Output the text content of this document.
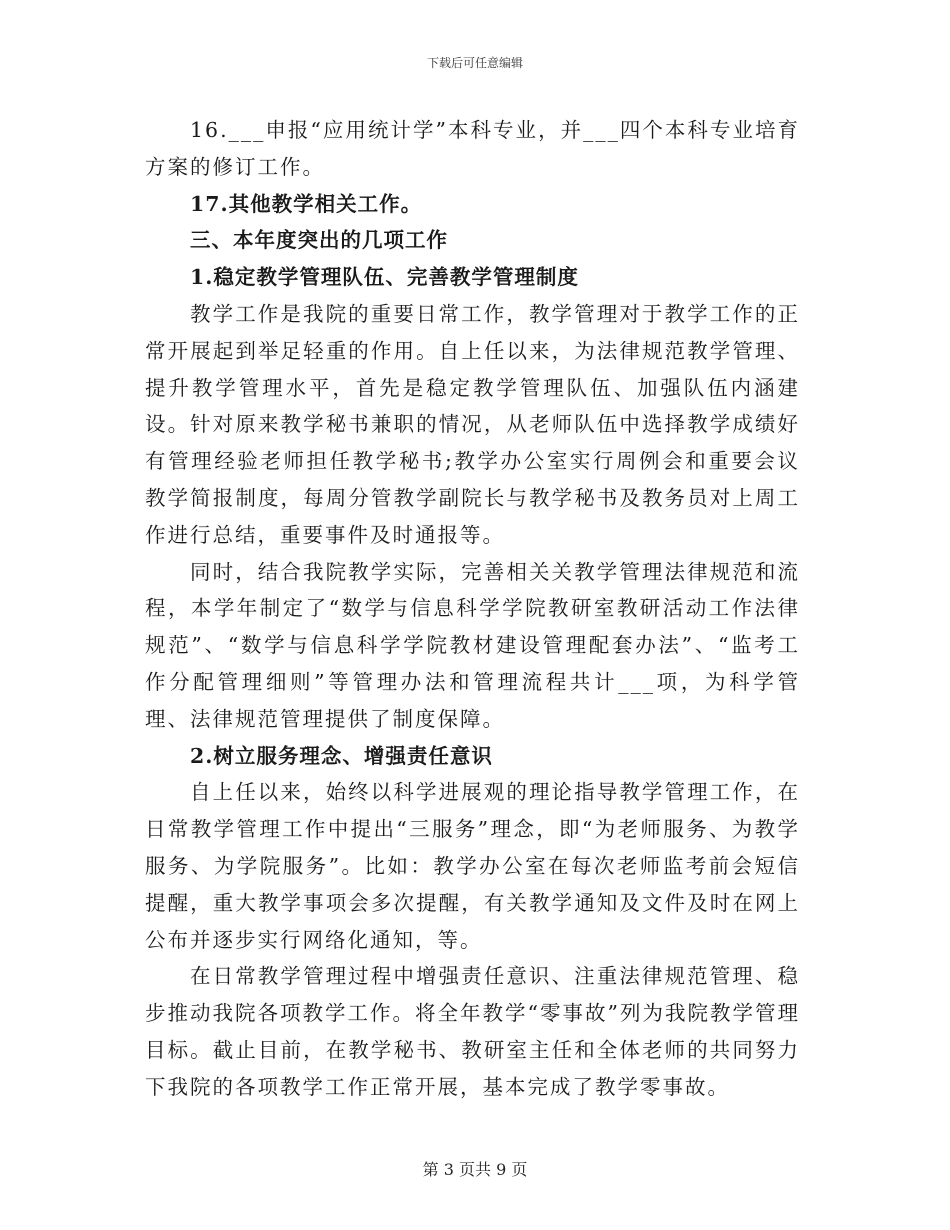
下载后可任意编辑

16.___申报“应用统计学”本科专业，并___四个本科专业培育方案的修订工作。

17.其他教学相关工作。

三、本年度突出的几项工作

1.稳定教学管理队伍、完善教学管理制度

教学工作是我院的重要日常工作，教学管理对于教学工作的正常开展起到举足轻重的作用。自上任以来，为法律规范教学管理、提升教学管理水平，首先是稳定教学管理队伍、加强队伍内涵建设。针对原来教学秘书兼职的情况，从老师队伍中选择教学成绩好有管理经验老师担任教学秘书;教学办公室实行周例会和重要会议教学简报制度，每周分管教学副院长与教学秘书及教务员对上周工作进行总结，重要事件及时通报等。

同时，结合我院教学实际，完善相关关教学管理法律规范和流程，本学年制定了“数学与信息科学学院教研室教研活动工作法律规范”、“数学与信息科学学院教材建设管理配套办法”、“监考工作分配管理细则”等管理办法和管理流程共计___项，为科学管理、法律规范管理提供了制度保障。

2.树立服务理念、增强责任意识

自上任以来，始终以科学进展观的理论指导教学管理工作，在日常教学管理工作中提出“三服务”理念，即“为老师服务、为教学服务、为学院服务”。比如：教学办公室在每次老师监考前会短信提醒，重大教学事项会多次提醒，有关教学通知及文件及时在网上公布并逐步实行网络化通知，等。

在日常教学管理过程中增强责任意识、注重法律规范管理、稳步推动我院各项教学工作。将全年教学“零事故”列为我院教学管理目标。截止目前，在教学秘书、教研室主任和全体老师的共同努力下我院的各项教学工作正常开展，基本完成了教学零事故。

第 3 页共 9 页
